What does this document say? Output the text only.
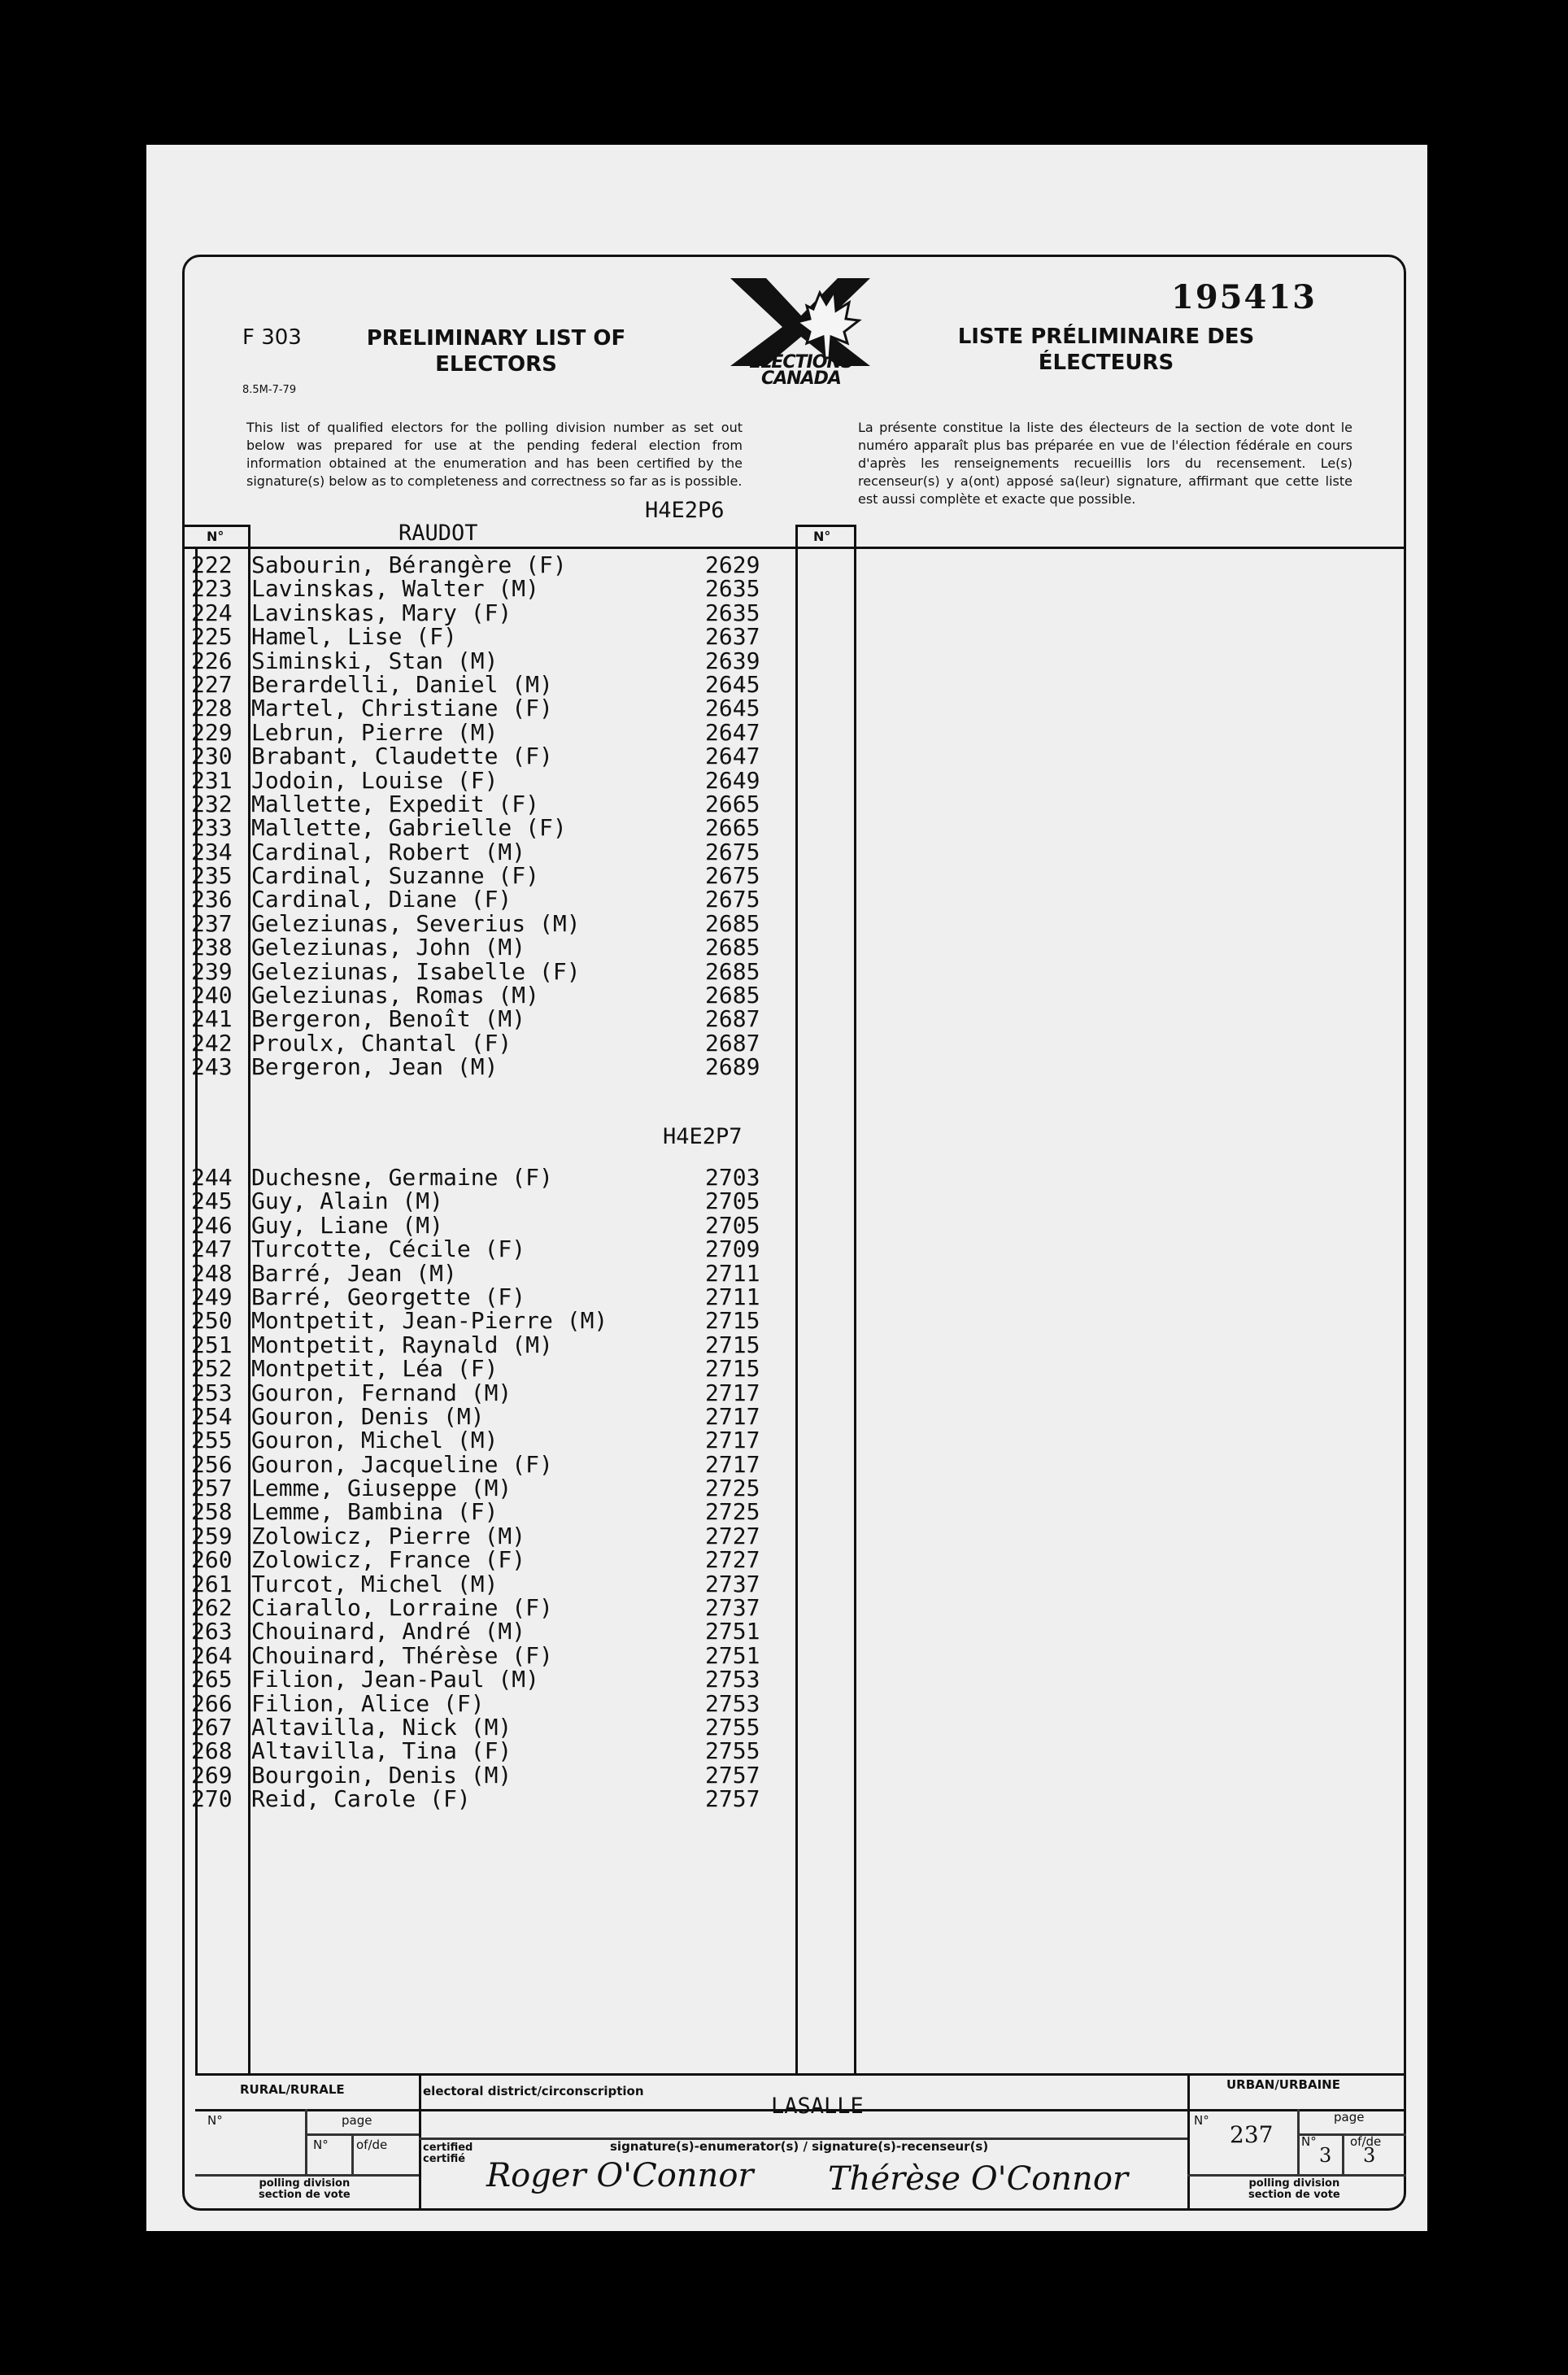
F 303
8.5M-7-79
PRELIMINARY LIST OF
ELECTORS
LISTE PRÉLIMINAIRE DES
ÉLECTEURS
195413
ELECTIONS
CANADA
This list of qualified electors for the polling division number as set out below was prepared for use at the pending federal election from information obtained at the enumeration and has been certified by the signature(s) below as to completeness and correctness so far as is possible.
La présente constitue la liste des électeurs de la section de vote dont le numéro apparaît plus bas préparée en vue de l'élection fédérale en cours d'après les renseignements recueillis lors du recensement. Le(s) recenseur(s) y a(ont) apposé sa(leur) signature, affirmant que cette liste est aussi complète et exacte que possible.
N°	N°
RAUDOT
H4E2P6
H4E2P7
222 Sabourin, Bérangère (F)	2629
223 Lavinskas, Walter (M)	2635
224 Lavinskas, Mary (F)	2635
225 Hamel, Lise (F)	2637
226 Siminski, Stan (M)	2639
227 Berardelli, Daniel (M)	2645
228 Martel, Christiane (F)	2645
229 Lebrun, Pierre (M)	2647
230 Brabant, Claudette (F)	2647
231 Jodoin, Louise (F)	2649
232 Mallette, Expedit (F)	2665
233 Mallette, Gabrielle (F)	2665
234 Cardinal, Robert (M)	2675
235 Cardinal, Suzanne (F)	2675
236 Cardinal, Diane (F)	2675
237 Geleziunas, Severius (M)	2685
238 Geleziunas, John (M)	2685
239 Geleziunas, Isabelle (F)	2685
240 Geleziunas, Romas (M)	2685
241 Bergeron, Benoît (M)	2687
242 Proulx, Chantal (F)	2687
243 Bergeron, Jean (M)	2689
244 Duchesne, Germaine (F)	2703
245 Guy, Alain (M)	2705
246 Guy, Liane (M)	2705
247 Turcotte, Cécile (F)	2709
248 Barré, Jean (M)	2711
249 Barré, Georgette (F)	2711
250 Montpetit, Jean-Pierre (M)	2715
251 Montpetit, Raynald (M)	2715
252 Montpetit, Léa (F)	2715
253 Gouron, Fernand (M)	2717
254 Gouron, Denis (M)	2717
255 Gouron, Michel (M)	2717
256 Gouron, Jacqueline (F)	2717
257 Lemme, Giuseppe (M)	2725
258 Lemme, Bambina (F)	2725
259 Zolowicz, Pierre (M)	2727
260 Zolowicz, France (F)	2727
261 Turcot, Michel (M)	2737
262 Ciarallo, Lorraine (F)	2737
263 Chouinard, André (M)	2751
264 Chouinard, Thérèse (F)	2751
265 Filion, Jean-Paul (M)	2753
266 Filion, Alice (F)	2753
267 Altavilla, Nick (M)	2755
268 Altavilla, Tina (F)	2755
269 Bourgoin, Denis (M)	2757
270 Reid, Carole (F)	2757
RURAL/RURALE
N°	page
N° of/de
polling division
section de vote
electoral district/circonscription
LASALLE
certified
certifié
signature(s)-enumerator(s) / signature(s)-recenseur(s)
Roger O'Connor Thérèse O'Connor
URBAN/URBAINE
N°
237
page
N°	of/de
3 3
polling division
section de vote
